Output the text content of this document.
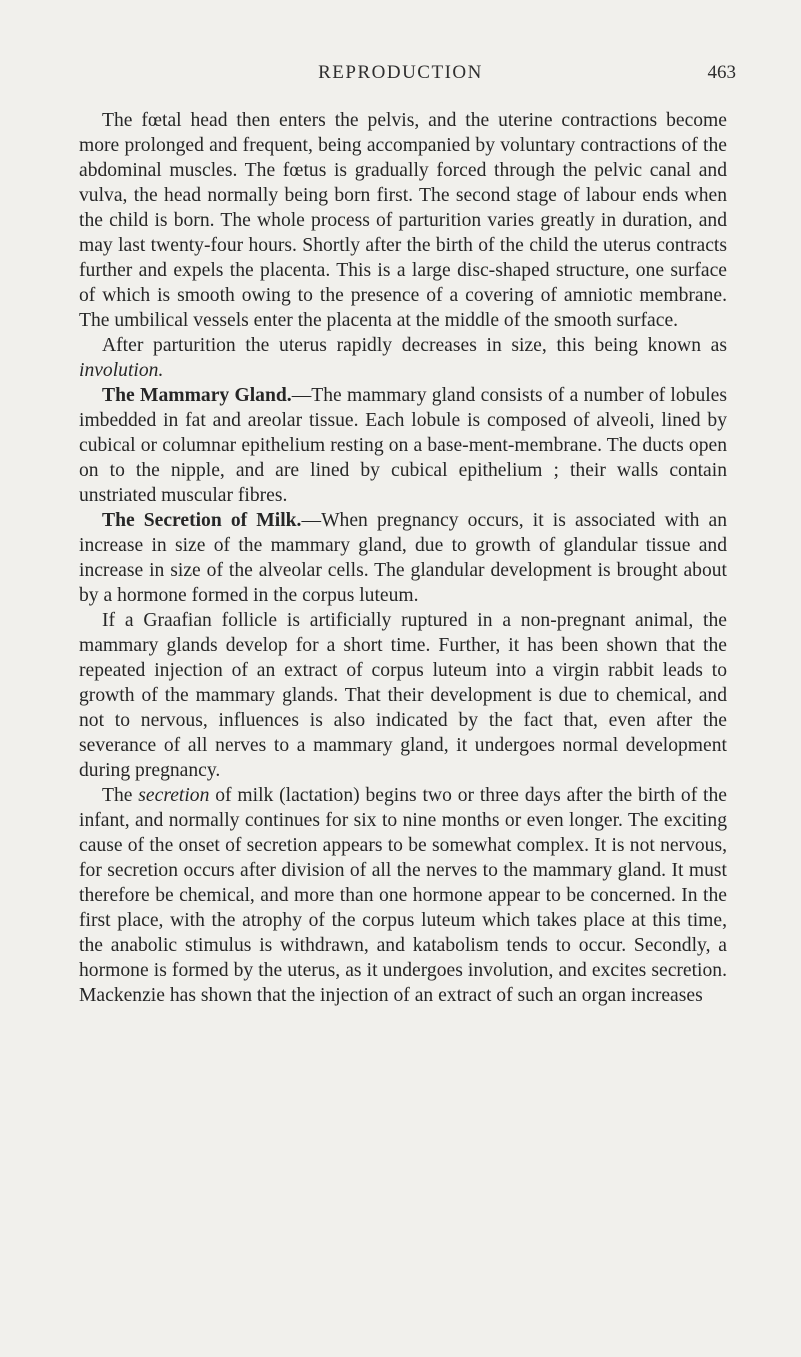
REPRODUCTION	463

The fœtal head then enters the pelvis, and the uterine contractions become more prolonged and frequent, being accompanied by voluntary contractions of the abdominal muscles. The fœtus is gradually forced through the pelvic canal and vulva, the head normally being born first. The second stage of labour ends when the child is born. The whole process of parturition varies greatly in duration, and may last twenty-four hours. Shortly after the birth of the child the uterus contracts further and expels the placenta. This is a large disc-shaped structure, one surface of which is smooth owing to the presence of a covering of amniotic membrane. The umbilical vessels enter the placenta at the middle of the smooth surface.

After parturition the uterus rapidly decreases in size, this being known as involution.

The Mammary Gland.—The mammary gland consists of a number of lobules imbedded in fat and areolar tissue. Each lobule is composed of alveoli, lined by cubical or columnar epithelium resting on a base-ment-membrane. The ducts open on to the nipple, and are lined by cubical epithelium ; their walls contain unstriated muscular fibres.

The Secretion of Milk.—When pregnancy occurs, it is associated with an increase in size of the mammary gland, due to growth of glandular tissue and increase in size of the alveolar cells. The glandular development is brought about by a hormone formed in the corpus luteum.

If a Graafian follicle is artificially ruptured in a non-pregnant animal, the mammary glands develop for a short time. Further, it has been shown that the repeated injection of an extract of corpus luteum into a virgin rabbit leads to growth of the mammary glands. That their development is due to chemical, and not to nervous, influences is also indicated by the fact that, even after the severance of all nerves to a mammary gland, it undergoes normal development during pregnancy.

The secretion of milk (lactation) begins two or three days after the birth of the infant, and normally continues for six to nine months or even longer. The exciting cause of the onset of secretion appears to be somewhat complex. It is not nervous, for secretion occurs after division of all the nerves to the mammary gland. It must therefore be chemical, and more than one hormone appear to be concerned. In the first place, with the atrophy of the corpus luteum which takes place at this time, the anabolic stimulus is withdrawn, and katabolism tends to occur. Secondly, a hormone is formed by the uterus, as it undergoes involution, and excites secretion. Mackenzie has shown that the injection of an extract of such an organ increases
